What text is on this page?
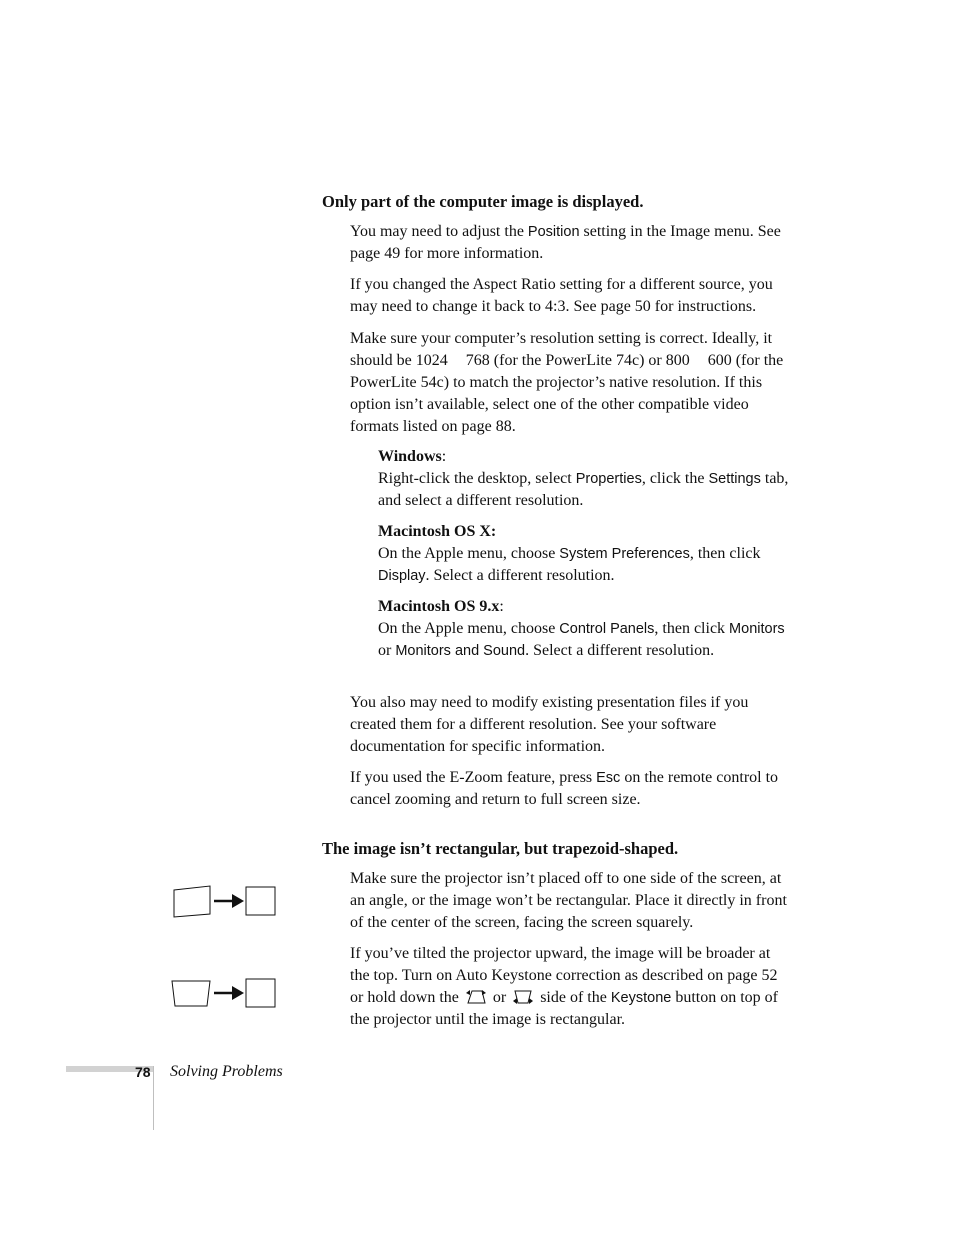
Only part of the computer image is displayed.

You may need to adjust the Position setting in the Image menu. See page 49 for more information.

If you changed the Aspect Ratio setting for a different source, you may need to change it back to 4:3. See page 50 for instructions.

Make sure your computer’s resolution setting is correct. Ideally, it should be 1024 768 (for the PowerLite 74c) or 800 600 (for the PowerLite 54c) to match the projector’s native resolution. If this option isn’t available, select one of the other compatible video formats listed on page 88.

Windows:
Right-click the desktop, select Properties, click the Settings tab, and select a different resolution.

Macintosh OS X:
On the Apple menu, choose System Preferences, then click Display. Select a different resolution.

Macintosh OS 9.x:
On the Apple menu, choose Control Panels, then click Monitors or Monitors and Sound. Select a different resolution.

You also may need to modify existing presentation files if you created them for a different resolution. See your software documentation for specific information.

If you used the E-Zoom feature, press Esc on the remote control to cancel zooming and return to full screen size.

The image isn’t rectangular, but trapezoid-shaped.

Make sure the projector isn’t placed off to one side of the screen, at an angle, or the image won’t be rectangular. Place it directly in front of the center of the screen, facing the screen squarely.

If you’ve tilted the projector upward, the image will be broader at the top. Turn on Auto Keystone correction as described on page 52 or hold down the or side of the Keystone button on top of the projector until the image is rectangular.

78 Solving Problems
